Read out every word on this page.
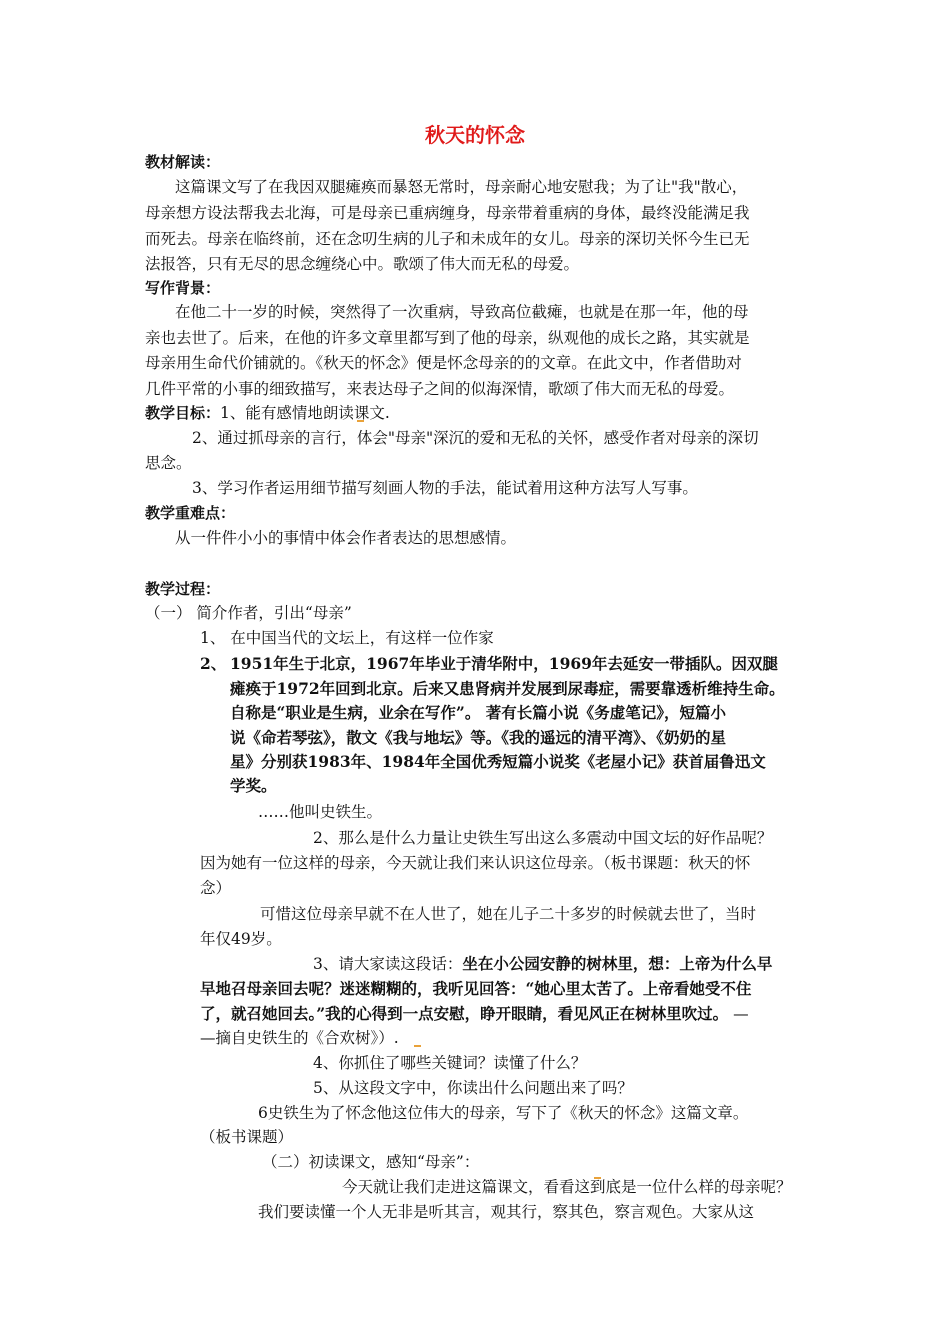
秋天的怀念
教材解读：
这篇课文写了在我因双腿瘫痪而暴怒无常时，母亲耐心地安慰我；为了让"我"散心，
母亲想方设法帮我去北海，可是母亲已重病缠身，母亲带着重病的身体，最终没能满足我
而死去。母亲在临终前，还在念叨生病的儿子和未成年的女儿。母亲的深切关怀今生已无
法报答，只有无尽的思念缠绕心中。歌颂了伟大而无私的母爱。
写作背景：
在他二十一岁的时候，突然得了一次重病，导致高位截瘫，也就是在那一年，他的母
亲也去世了。后来，在他的许多文章里都写到了他的母亲，纵观他的成长之路，其实就是
母亲用生命代价铺就的。《秋天的怀念》便是怀念母亲的的文章。在此文中，作者借助对
几件平常的小事的细致描写，来表达母子之间的似海深情，歌颂了伟大而无私的母爱。
教学目标：1、能有感情地朗读课文.
2、通过抓母亲的言行，体会"母亲"深沉的爱和无私的关怀，感受作者对母亲的深切
思念。
3、学习作者运用细节描写刻画人物的手法，能试着用这种方法写人写事。
教学重难点：
从一件件小小的事情中体会作者表达的思想感情。
教学过程：
（一） 简介作者，引出“母亲”
1、 在中国当代的文坛上，有这样一位作家
2、 1951年生于北京，1967年毕业于清华附中，1969年去延安一带插队。因双腿
瘫痪于1972年回到北京。后来又患肾病并发展到尿毒症，需要靠透析维持生命。
自称是“职业是生病，业余在写作”。 著有长篇小说《务虚笔记》，短篇小
说《命若琴弦》，散文《我与地坛》等。《我的遥远的清平湾》、《奶奶的星
星》分别获1983年、1984年全国优秀短篇小说奖《老屋小记》获首届鲁迅文
学奖。
……他叫史铁生。
2、那么是什么力量让史铁生写出这么多震动中国文坛的好作品呢？
因为她有一位这样的母亲，今天就让我们来认识这位母亲。（板书课题：秋天的怀
念）
可惜这位母亲早就不在人世了，她在儿子二十多岁的时候就去世了，当时
年仅49岁。
3、请大家读这段话：坐在小公园安静的树林里，想：上帝为什么早
早地召母亲回去呢？迷迷糊糊的，我听见回答：“她心里太苦了。上帝看她受不住
了，就召她回去。”我的心得到一点安慰，睁开眼睛，看见风正在树林里吹过。 —
—摘自史铁生的《合欢树》）.
4、你抓住了哪些关键词？读懂了什么？
5、从这段文字中，你读出什么问题出来了吗？
6史铁生为了怀念他这位伟大的母亲，写下了《秋天的怀念》这篇文章。
（板书课题）
（二）初读课文，感知“母亲”：
今天就让我们走进这篇课文，看看这到底是一位什么样的母亲呢？
我们要读懂一个人无非是听其言，观其行，察其色，察言观色。大家从这
